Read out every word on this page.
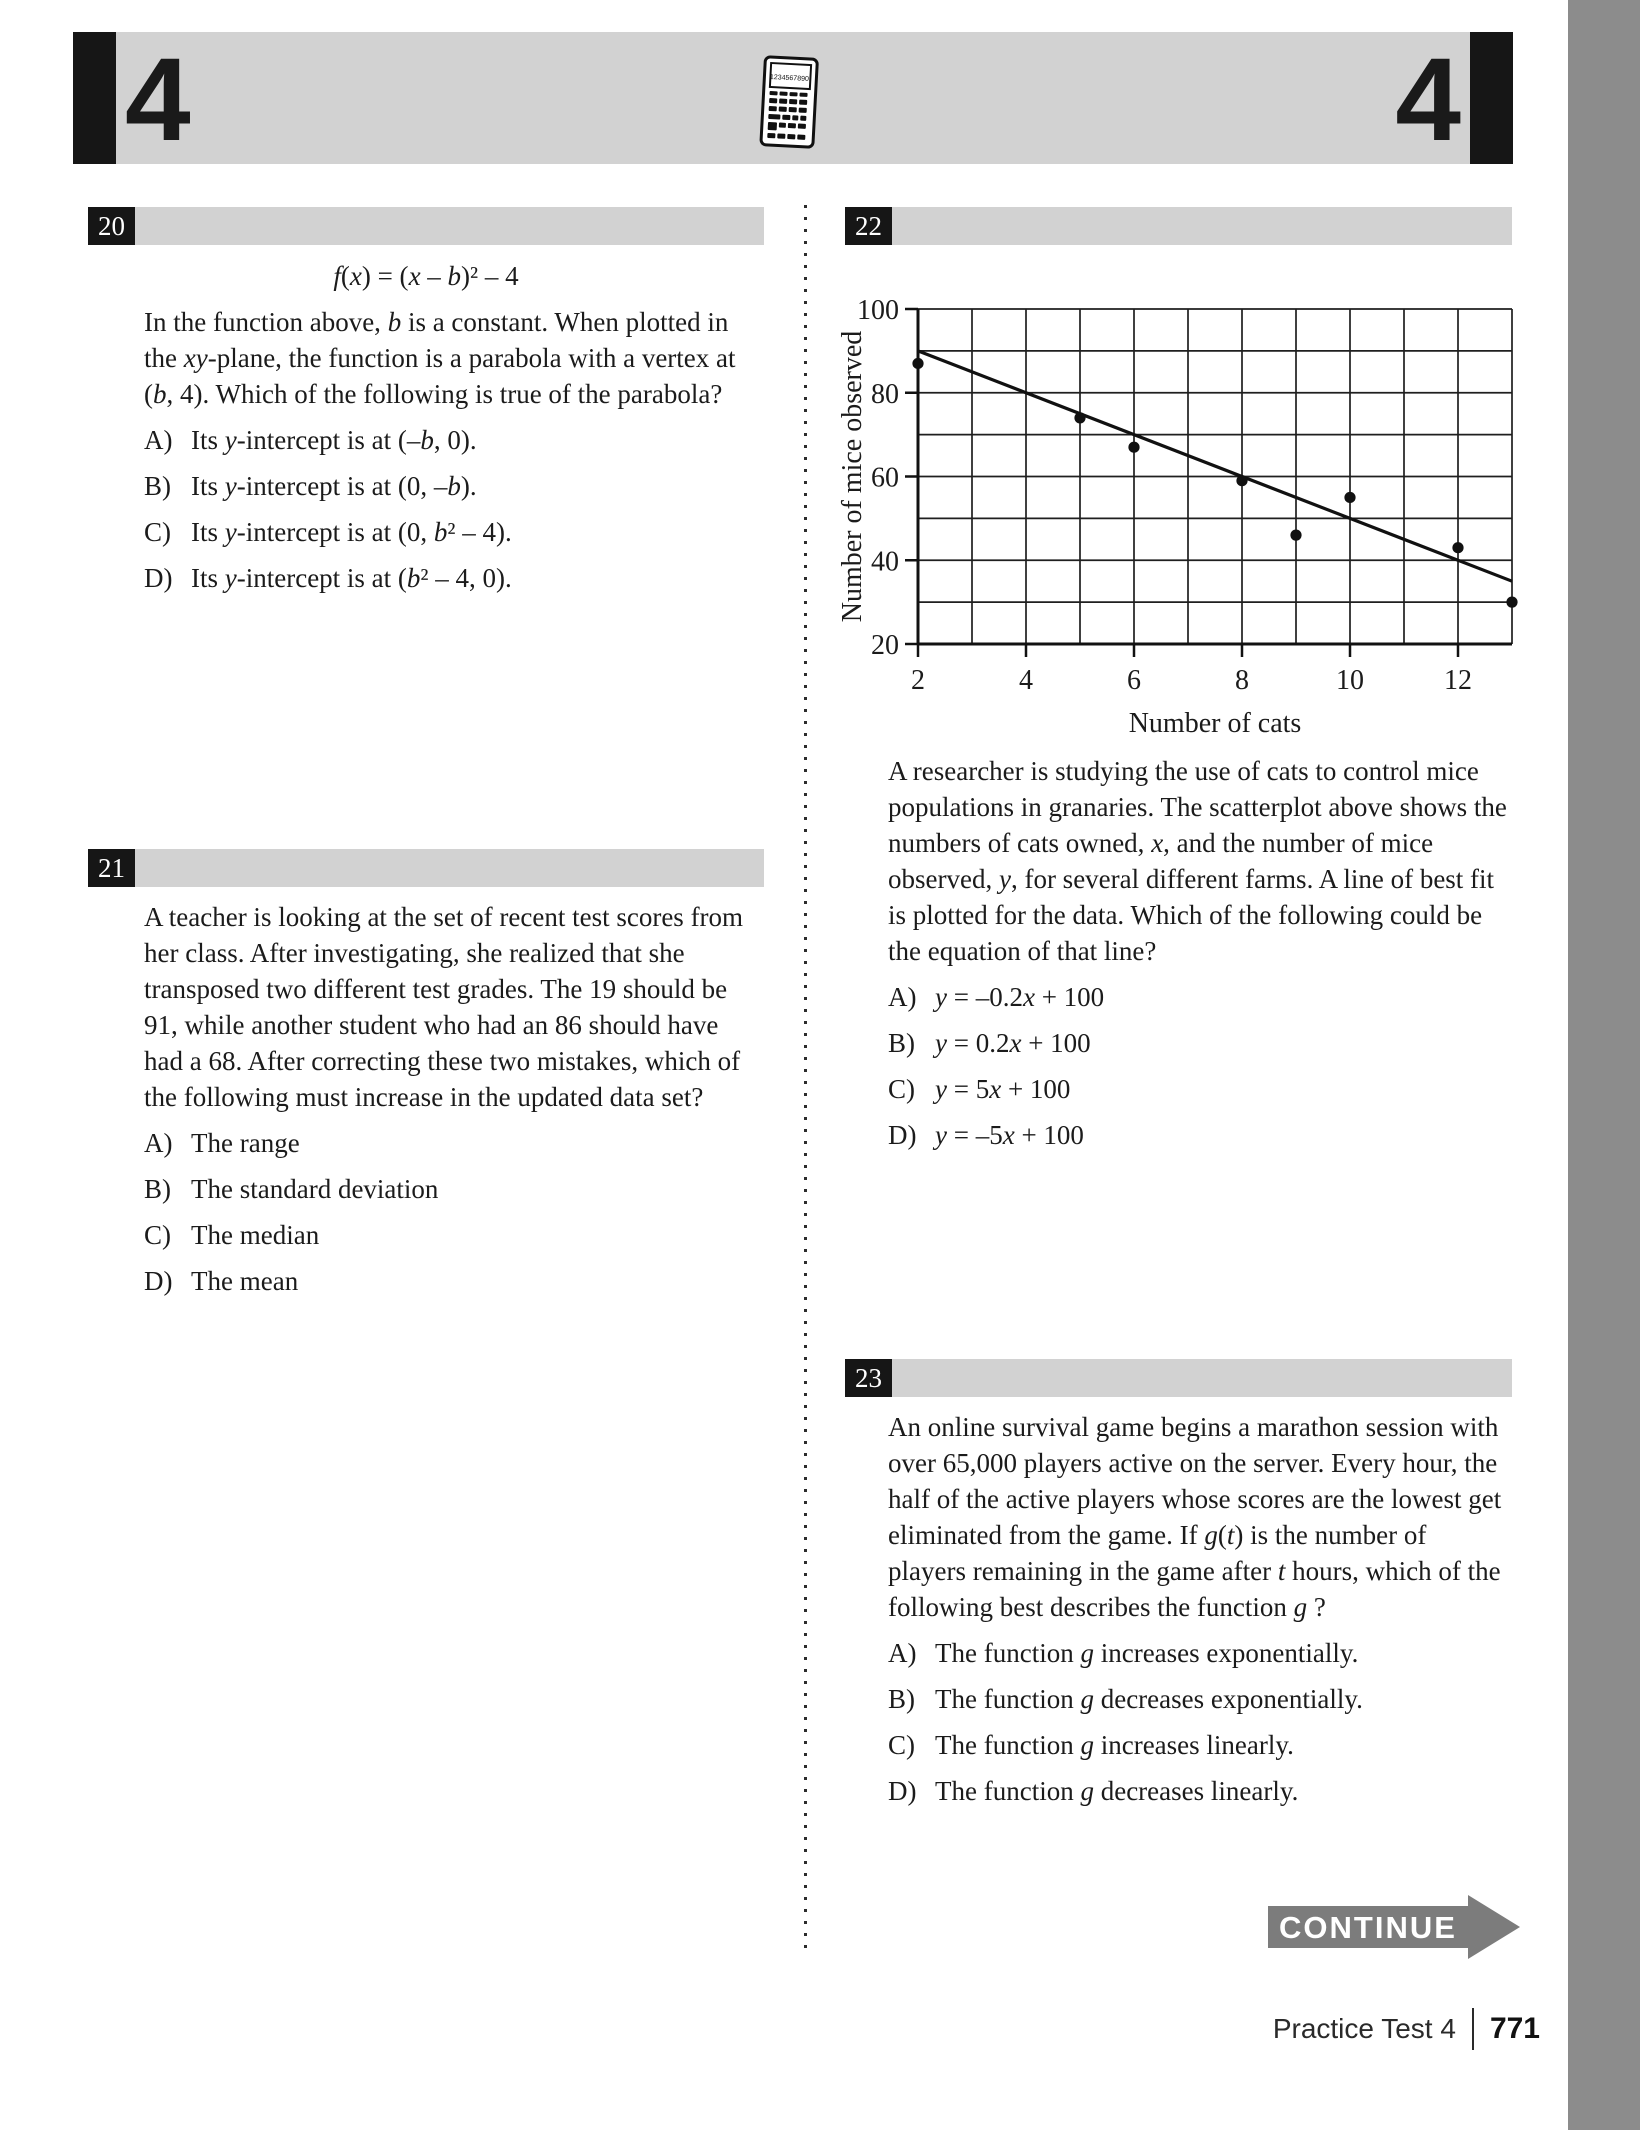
4	1234567890.	4
20
f(x) = (x – b)² – 4

In the function above, b is a constant. When plotted in the xy-plane, the function is a parabola with a vertex at (b, 4). Which of the following is true of the parabola?

A) Its y-intercept is at (–b, 0).
B) Its y-intercept is at (0, –b).
C) Its y-intercept is at (0, b² – 4).
D) Its y-intercept is at (b² – 4, 0).
21

A teacher is looking at the set of recent test scores from her class. After investigating, she realized that she transposed two different test grades. The 19 should be 91, while another student who had an 86 should have had a 68. After correcting these two mistakes, which of the following must increase in the updated data set?

A) The range
B) The standard deviation
C) The median
D) The mean
22
20
40
60
80
100
2	4	6	8	10	12
Number of cats
Number of mice observed

A researcher is studying the use of cats to control mice populations in granaries. The scatterplot above shows the numbers of cats owned, x, and the number of mice observed, y, for several different farms. A line of best fit is plotted for the data. Which of the following could be the equation of that line?

A) y = –0.2x + 100
B) y = 0.2x + 100
C) y = 5x + 100
D) y = –5x + 100
23

An online survival game begins a marathon session with over 65,000 players active on the server. Every hour, the half of the active players whose scores are the lowest get eliminated from the game. If g(t) is the number of players remaining in the game after t hours, which of the following best describes the function g ?

A) The function g increases exponentially.
B) The function g decreases exponentially.
C) The function g increases linearly.
D) The function g decreases linearly.
CONTINUE
Practice Test 4 771
